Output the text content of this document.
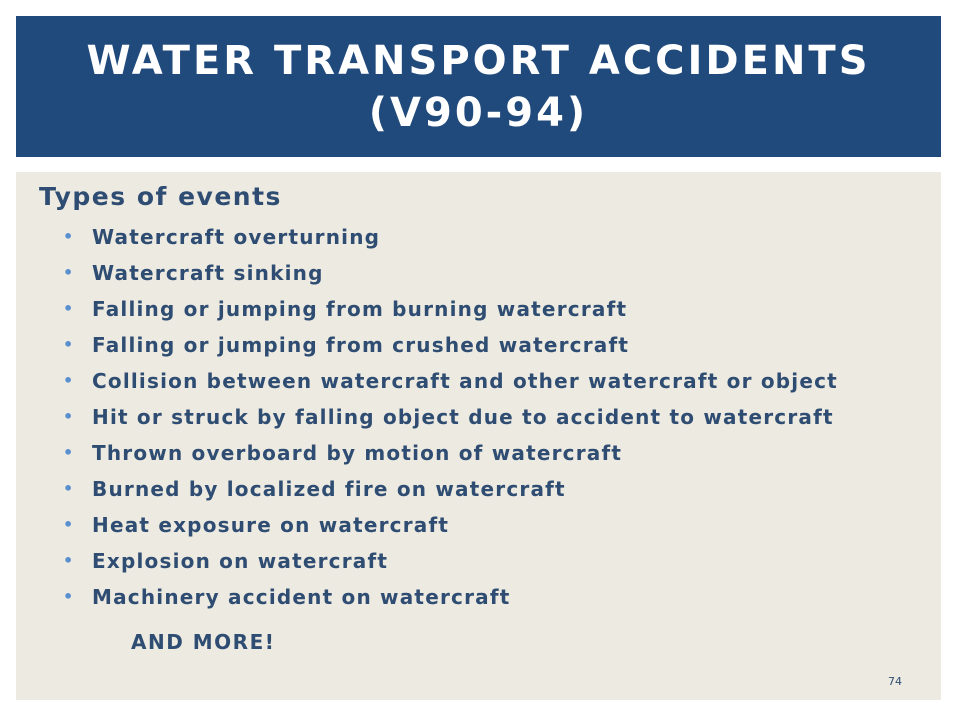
WATER TRANSPORT ACCIDENTS
(V90-94)
Types of events
• Watercraft overturning
• Watercraft sinking
• Falling or jumping from burning watercraft
• Falling or jumping from crushed watercraft
• Collision between watercraft and other watercraft or object
• Hit or struck by falling object due to accident to watercraft
• Thrown overboard by motion of watercraft
• Burned by localized fire on watercraft
• Heat exposure on watercraft
• Explosion on watercraft
• Machinery accident on watercraft
AND MORE!
74
